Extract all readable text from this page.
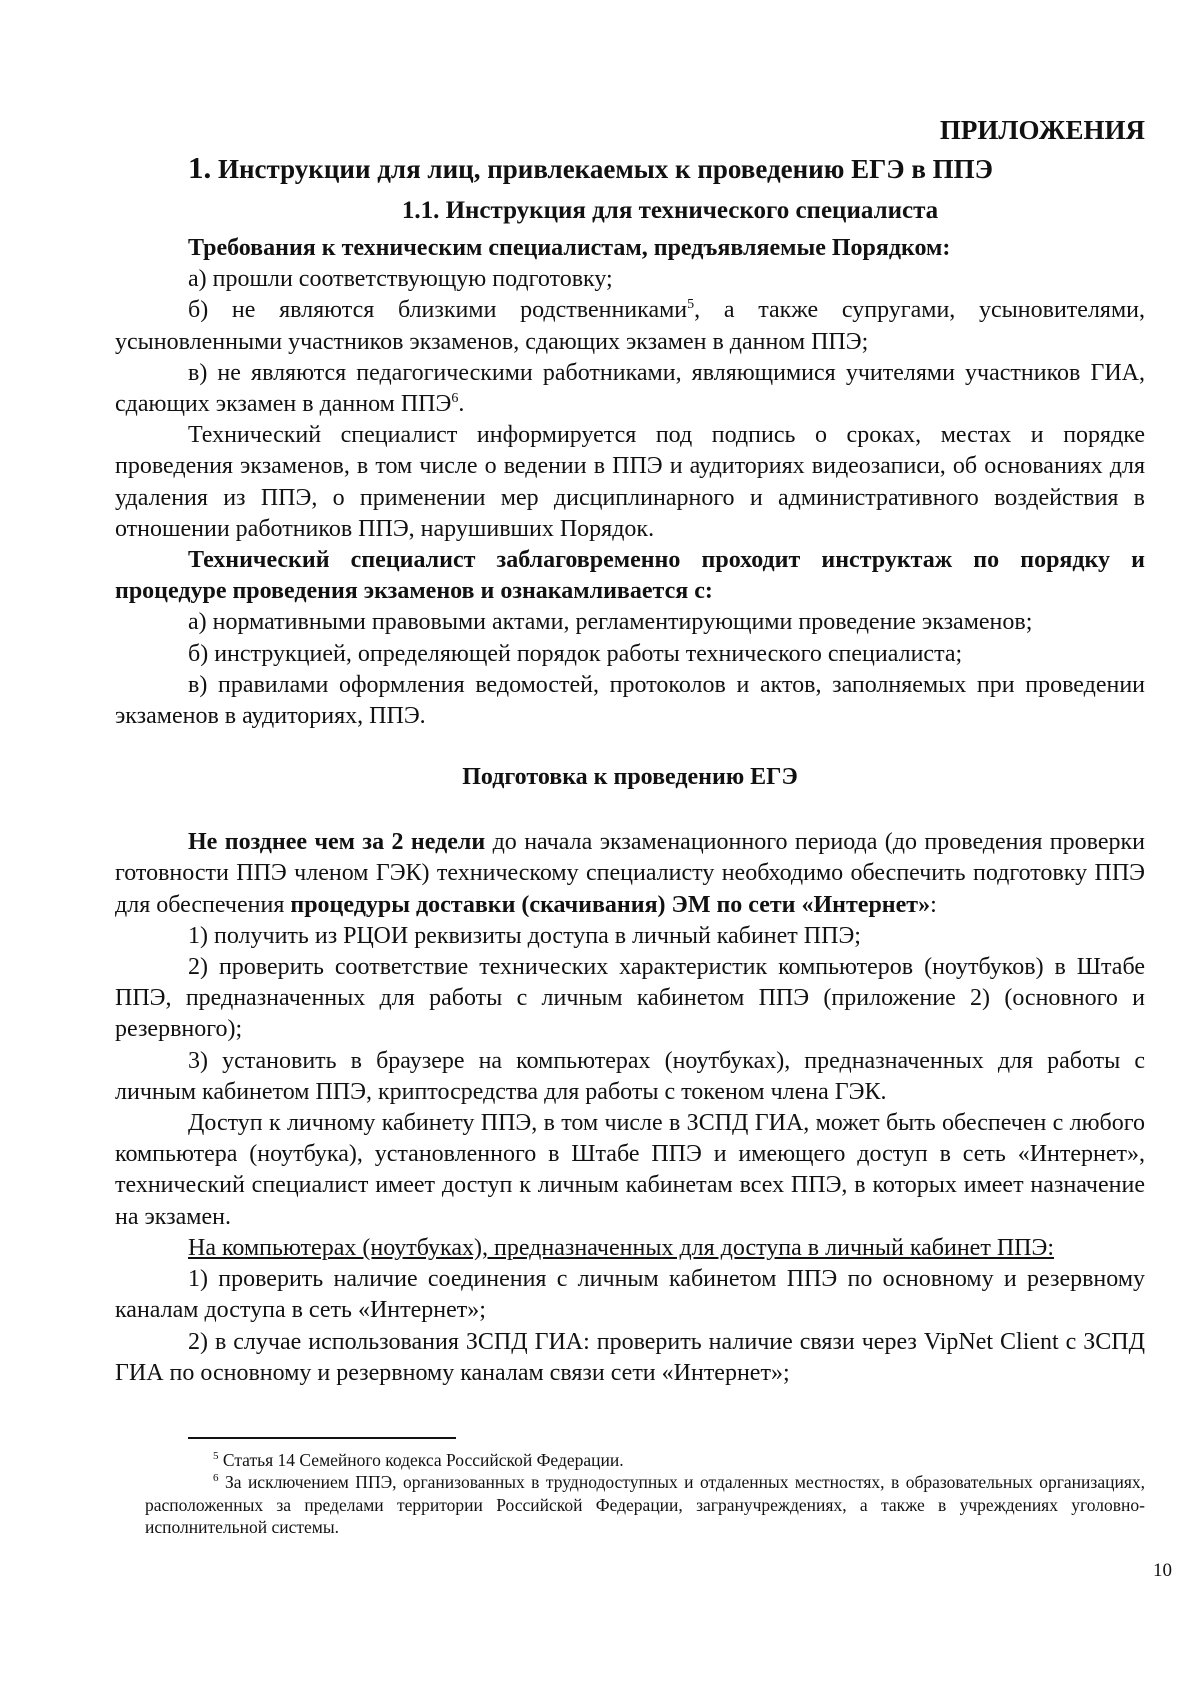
ПРИЛОЖЕНИЯ

1. Инструкции для лиц, привлекаемых к проведению ЕГЭ в ППЭ

1.1. Инструкция для технического специалиста

Требования к техническим специалистам, предъявляемые Порядком:

а) прошли соответствующую подготовку;

б) не являются близкими родственниками$^5$, а также супругами, усыновителями, усыновленными участников экзаменов, сдающих экзамен в данном ППЭ;

в) не являются педагогическими работниками, являющимися учителями участников ГИА, сдающих экзамен в данном ППЭ$^6$.

Технический специалист информируется под подпись о сроках, местах и порядке проведения экзаменов, в том числе о ведении в ППЭ и аудиториях видеозаписи, об основаниях для удаления из ППЭ, о применении мер дисциплинарного и административного воздействия в отношении работников ППЭ, нарушивших Порядок.

Технический специалист заблаговременно проходит инструктаж по порядку и процедуре проведения экзаменов и ознакамливается с:

а) нормативными правовыми актами, регламентирующими проведение экзаменов;

б) инструкцией, определяющей порядок работы технического специалиста;

в) правилами оформления ведомостей, протоколов и актов, заполняемых при проведении экзаменов в аудиториях, ППЭ.

Подготовка к проведению ЕГЭ

Не позднее чем за 2 недели до начала экзаменационного периода (до проведения проверки готовности ППЭ членом ГЭК) техническому специалисту необходимо обеспечить подготовку ППЭ для обеспечения процедуры доставки (скачивания) ЭМ по сети «Интернет»:

1) получить из РЦОИ реквизиты доступа в личный кабинет ППЭ;

2) проверить соответствие технических характеристик компьютеров (ноутбуков) в Штабе ППЭ, предназначенных для работы с личным кабинетом ППЭ (приложение 2) (основного и резервного);

3) установить в браузере на компьютерах (ноутбуках), предназначенных для работы с личным кабинетом ППЭ, криптосредства для работы с токеном члена ГЭК.

Доступ к личному кабинету ППЭ, в том числе в ЗСПД ГИА, может быть обеспечен с любого компьютера (ноутбука), установленного в Штабе ППЭ и имеющего доступ в сеть «Интернет», технический специалист имеет доступ к личным кабинетам всех ППЭ, в которых имеет назначение на экзамен.

На компьютерах (ноутбуках), предназначенных для доступа в личный кабинет ППЭ:

1) проверить наличие соединения с личным кабинетом ППЭ по основному и резервному каналам доступа в сеть «Интернет»;

2) в случае использования ЗСПД ГИА: проверить наличие связи через VipNet Client с ЗСПД ГИА по основному и резервному каналам связи сети «Интернет»;

$^5$ Статья 14 Семейного кодекса Российской Федерации.

$^6$ За исключением ППЭ, организованных в труднодоступных и отдаленных местностях, в образовательных организациях, расположенных за пределами территории Российской Федерации, загранучреждениях, а также в учреждениях уголовно-исполнительной системы.

10
